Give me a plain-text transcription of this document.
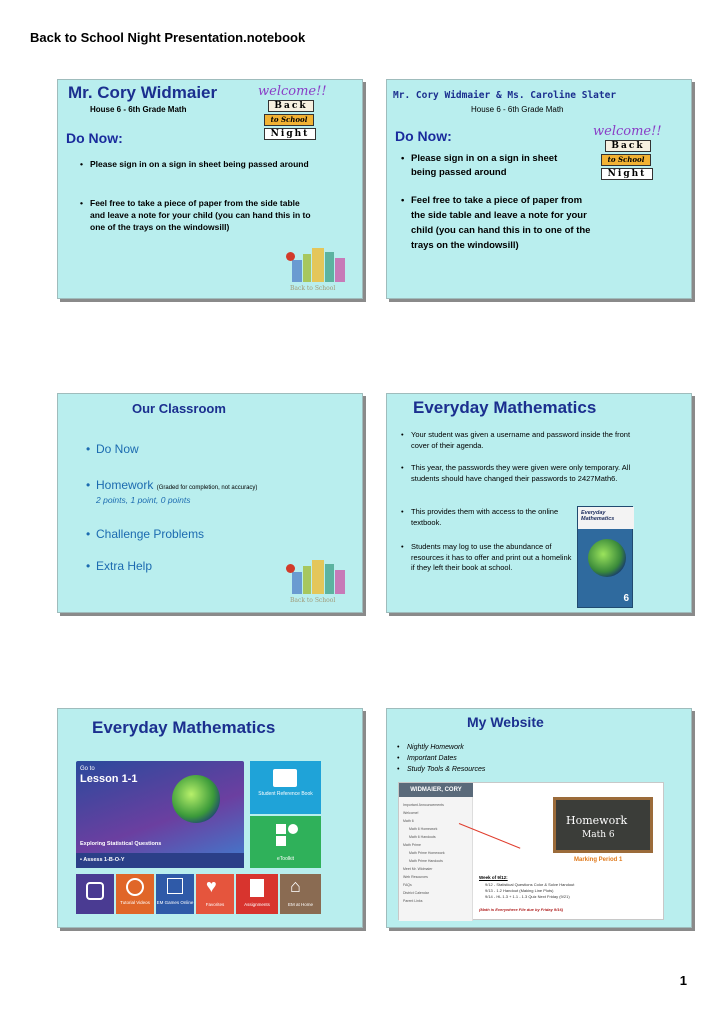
Back to School Night Presentation.notebook
Mr. Cory Widmaier	welcome!!
House 6 - 6th Grade Math	Back
to School
Night
Do Now:
• Please sign in on a sign in sheet being passed around
• Feel free to take a piece of paper from the side table and leave a note for your child (you can hand this in to one of the trays on the windowsill)
Back to School
Mr. Cory Widmaier & Ms. Caroline Slater
House 6 - 6th Grade Math
Do Now:	welcome!!
Back
to School
Night
• Please sign in on a sign in sheet being passed around
• Feel free to take a piece of paper from the side table and leave a note for your child (you can hand this in to one of the trays on the windowsill)
Our Classroom
• Do Now
• Homework (Graded for completion, not accuracy)
2 points, 1 point, 0 points
• Challenge Problems
• Extra Help
Back to School
Everyday Mathematics
• Your student was given a username and password inside the front cover of their agenda.
• This year, the passwords they were given were only temporary. All students should have changed their passwords to 2427Math6.
• This provides them with access to the online textbook.
• Students may log to use the abundance of resources it has to offer and print out a homelink if they left their book at school.
Everyday Mathematics
6
Everyday Mathematics
Go to
Lesson 1-1
Exploring Statistical Questions
• Assess 1-B-O-Y
Student Reference Book
eToolkit
Tutorial Videos	EM Games Online
♥
Favorites	Assignments
⌂
EM at Home
My Website
• Nightly Homework
• Important Dates
• Study Tools & Resources
WIDMAIER, CORY
Important Announcements
Welcome!
Math 6
Math 6 Homework
Math 6 Handouts
Math Prime
Math Prime Homework
Math Prime Handouts
Meet Mr. Widmaier
Web Resources
FAQs
District Calendar
Parent Links
Homework
Math 6
Marking Period 1
Week of 9/12:
9/12 - Statistical Questions Color & Solve Handout
9/13 - 1.2 Handout (Making Line Plots)
9/14 - HL 1.3 + 1.1 - 1.3 Quiz Next Friday (9/21)
(Math is Everywhere File due by Friday 9/16)
1
